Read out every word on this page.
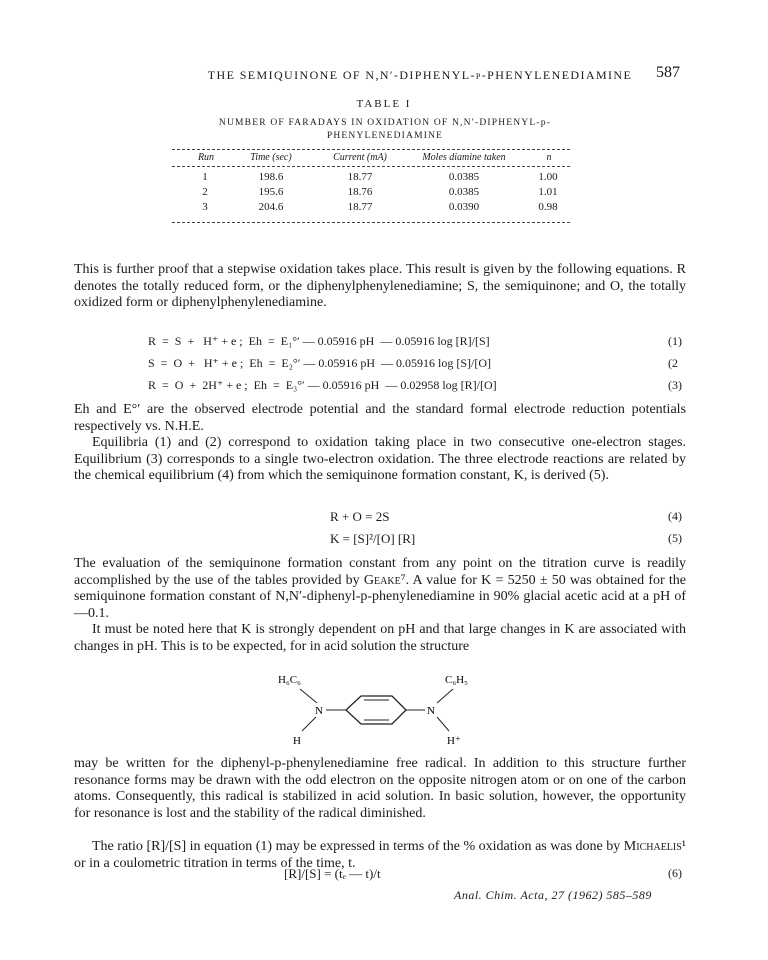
THE SEMIQUINONE OF N,N′-DIPHENYL-p-PHENYLENEDIAMINE	587
TABLE I
NUMBER OF FARADAYS IN OXIDATION OF N,N′-DIPHENYL-p-PHENYLENEDIAMINE
Run	Time (sec)	Current (mA)	Moles diamine taken	n
1	198.6	18.77	0.0385	1.00
2	195.6	18.76	0.0385	1.01
3	204.6	18.77	0.0390	0.98
This is further proof that a stepwise oxidation takes place. This result is given by the following equations. R denotes the totally reduced form, or the diphenylphenylenediamine; S, the semiquinone; and O, the totally oxidized form or diphenylphenylenediamine.
R  =  S  +   H⁺ + e ;  Eh  =  E₁°′ — 0.05916 pH  — 0.05916 log [R]/[S]	(1)
S  =  O  +   H⁺ + e ;  Eh  =  E₂°′ — 0.05916 pH  — 0.05916 log [S]/[O]	(2
R  =  O  +  2H⁺ + e ;  Eh  =  E₃°′ — 0.05916 pH  — 0.02958 log [R]/[O]	(3)
Eh and E°′ are the observed electrode potential and the standard formal electrode reduction potentials respectively vs. N.H.E.
Equilibria (1) and (2) correspond to oxidation taking place in two consecutive one-electron stages. Equilibrium (3) corresponds to a single two-electron oxidation. The three electrode reactions are related by the chemical equilibrium (4) from which the semiquinone formation constant, K, is derived (5).
R + O = 2S	(4)
K = [S]²/[O] [R]	(5)
The evaluation of the semiquinone formation constant from any point on the titration curve is readily accomplished by the use of the tables provided by Geake⁷. A value for K = 5250 ± 50 was obtained for the semiquinone formation constant of N,N′-diphenyl-p-phenylenediamine in 90% glacial acetic acid at a pH of —0.1.
It must be noted here that K is strongly dependent on pH and that large changes in K are associated with changes in pH. This is to be expected, for in acid solution the structure
H₆C₆	C₆H₅
N	N
H	H⁺
may be written for the diphenyl-p-phenylenediamine free radical. In addition to this structure further resonance forms may be drawn with the odd electron on the opposite nitrogen atom or on one of the carbon atoms. Consequently, this radical is stabilized in acid solution. In basic solution, however, the opportunity for resonance is lost and the stability of the radical diminished.
The ratio [R]/[S] in equation (1) may be expressed in terms of the % oxidation as was done by Michaelis¹ or in a coulometric titration in terms of the time, t.
[R]/[S] = (tₑ — t)/t	(6)
Anal. Chim. Acta, 27 (1962) 585–589
